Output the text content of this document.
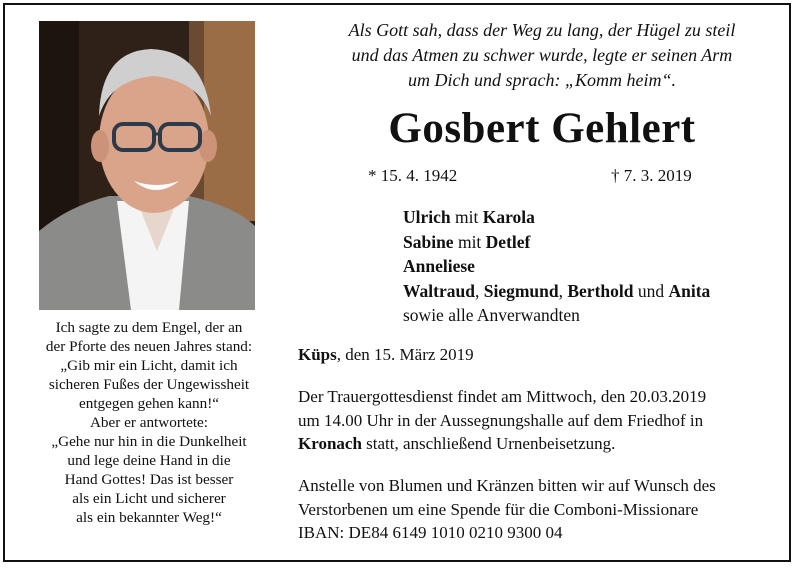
Als Gott sah, dass der Weg zu lang, der Hügel zu steil
und das Atmen zu schwer wurde, legte er seinen Arm
um Dich und sprach: „Komm heim“.
Gosbert Gehlert
* 15. 4. 1942	† 7. 3. 2019
Ulrich mit Karola
Sabine mit Detlef
Anneliese
Waltraud, Siegmund, Berthold und Anita
sowie alle Anverwandten
Küps, den 15. März 2019
Der Trauergottesdienst findet am Mittwoch, den 20.03.2019
um 14.00 Uhr in der Aussegnungshalle auf dem Friedhof in
Kronach statt, anschließend Urnenbeisetzung.
Anstelle von Blumen und Kränzen bitten wir auf Wunsch des
Verstorbenen um eine Spende für die Comboni-Missionare
IBAN: DE84 6149 1010 0210 9300 04
Ich sagte zu dem Engel, der an
der Pforte des neuen Jahres stand:
„Gib mir ein Licht, damit ich
sicheren Fußes der Ungewissheit
entgegen gehen kann!“
Aber er antwortete:
„Gehe nur hin in die Dunkelheit
und lege deine Hand in die
Hand Gottes! Das ist besser
als ein Licht und sicherer
als ein bekannter Weg!“
